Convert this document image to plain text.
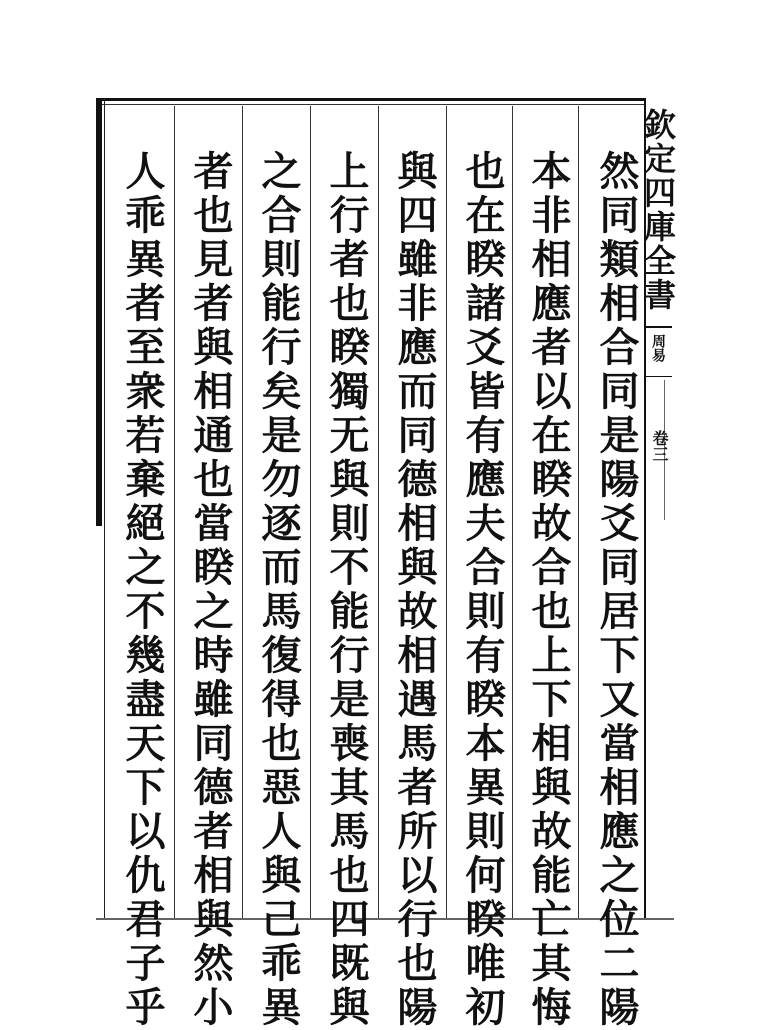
然同類相合同是陽爻同居下又當相應之位二陽
本非相應者以在睽故合也上下相與故能亡其悔
也在睽諸爻皆有應夫合則有睽本異則何睽唯初
與四雖非應而同德相與故相遇馬者所以行也陽
上行者也睽獨无與則不能行是喪其馬也四既與
之合則能行矣是勿逐而馬復得也惡人與己乖異
者也見者與相通也當睽之時雖同德者相與然小
人乖異者至衆若棄絕之不幾盡天下以仇君子乎	欽定四庫全書
周易
卷三
